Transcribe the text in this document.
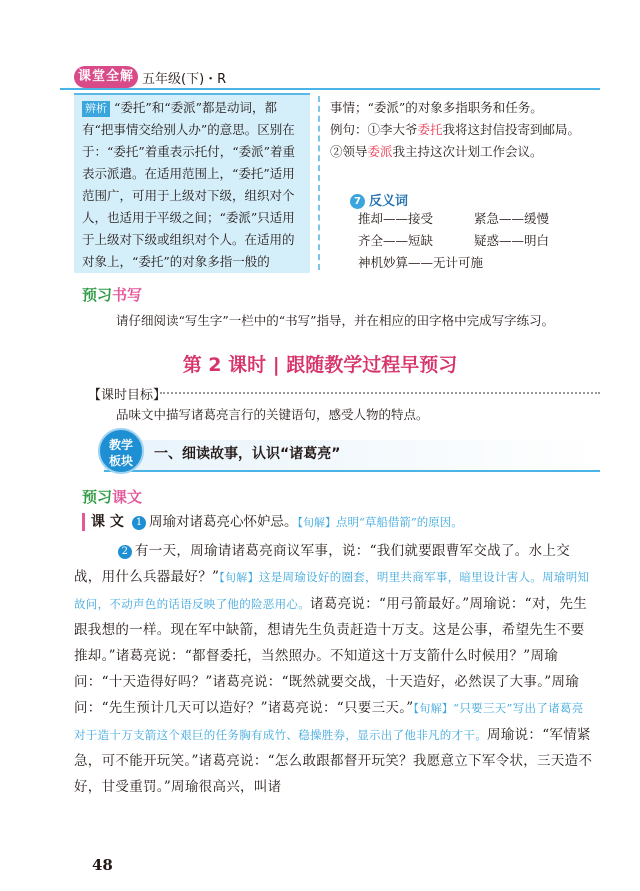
课堂全解 五年级(下)・R
辨析 “委托”和“委派”都是动词，都有“把事情交给别人办”的意思。区别在于：“委托”着重表示托付，“委派”着重表示派遣。在适用范围上，“委托”适用范围广，可用于上级对下级，组织对个人，也适用于平级之间；“委派”只适用于上级对下级或组织对个人。在适用的对象上，“委托”的对象多指一般的
事情；“委派”的对象多指职务和任务。
例句：①李大爷委托我将这封信投寄到邮局。②领导委派我主持这次计划工作会议。
7 反义词
推却——接受	紧急——缓慢
齐全——短缺	疑惑——明白
神机妙算——无计可施
预习书写
请仔细阅读“写生字”一栏中的“书写”指导，并在相应的田字格中完成写字练习。
第 2 课时 | 跟随教学过程早预习
【课时目标】
品味文中描写诸葛亮言行的关键语句，感受人物的特点。
教学
板块	一、细读故事，认识“诸葛亮”
预习课文
课 文	1 周瑜对诸葛亮心怀妒忌。【旬解】点明“草船借箭”的原因。
2 有一天，周瑜请诸葛亮商议军事，说：“我们就要跟曹军交战了。水上交战，用什么兵器最好？”【旬解】这是周瑜设好的圈套，明里共商军事，暗里设计害人。周瑜明知故问，不动声色的话语反映了他的险恶用心。诸葛亮说：“用弓箭最好。”周瑜说：“对，先生跟我想的一样。现在军中缺箭，想请先生负责赶造十万支。这是公事，希望先生不要推却。”诸葛亮说：“都督委托，当然照办。不知道这十万支箭什么时候用？”周瑜问：“十天造得好吗？”诸葛亮说：“既然就要交战，十天造好，必然误了大事。”周瑜问：“先生预计几天可以造好？”诸葛亮说：“只要三天。”【旬解】“只要三天”写出了诸葛亮对于造十万支箭这个艰巨的任务胸有成竹、稳操胜券，显示出了他非凡的才干。周瑜说：“军情紧急，可不能开玩笑。”诸葛亮说：“怎么敢跟都督开玩笑？我愿意立下军令状，三天造不好，甘受重罚。”周瑜很高兴，叫诸
48
